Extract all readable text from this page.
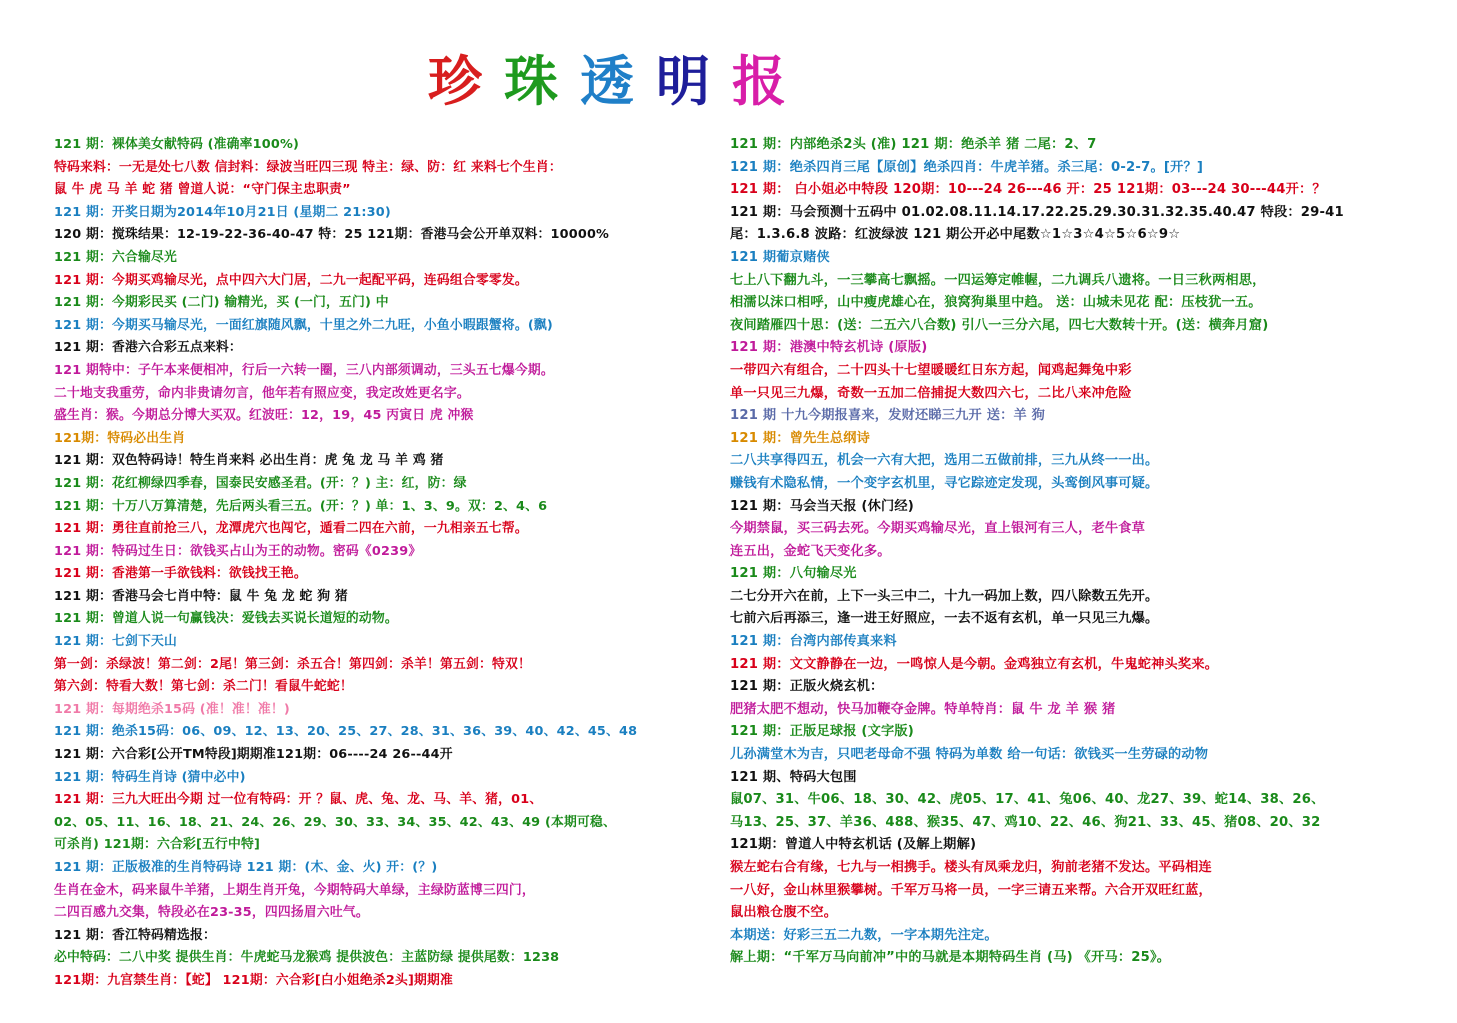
珍 珠 透 明 报
121 期：裸体美女献特码 (准确率100%)
特码来料：一无是处七八数 信封料：绿波当旺四三现 特主：绿、防：红 来料七个生肖：
鼠 牛 虎 马 羊 蛇 猪 曾道人说：“守门保主忠职责”
121 期：开奖日期为2014年10月21日 (星期二 21:30)
120 期：搅珠结果：12-19-22-36-40-47 特：25 121期：香港马会公开单双料：10000%
121 期：六合输尽光
121 期：今期买鸡输尽光，点中四六大门居，二九一起配平码，连码组合零零发。
121 期：今期彩民买 (二门) 输精光，买 (一门，五门) 中
121 期：今期买马输尽光，一面红旗随风飘，十里之外二九旺，小鱼小暇跟蟹将。(飘)
121 期：香港六合彩五点来料：
121 期特中：子午本来便相冲，行后一六转一圈，三八内部须调动，三头五七爆今期。
二十地支我重劳，命内非贵请勿言，他年若有照应变，我定改姓更名字。
盛生肖：猴。今期总分博大买双。红波旺：12，19，45 丙寅日 虎 冲猴
121期：特码必出生肖
121 期：双色特码诗！特生肖来料 必出生肖：虎 兔 龙 马 羊 鸡 猪
121 期：花红柳绿四季春，国泰民安感圣君。(开：？) 主：红，防：绿
121 期：十万八万算清楚，先后两头看三五。(开：？) 单：1、3、9。双：2、4、6
121 期：勇往直前抢三八，龙潭虎穴也闯它，遁看二四在六前，一九相亲五七帮。
121 期：特码过生日：欲钱买占山为王的动物。密码《0239》
121 期：香港第一手欲钱料：欲钱找王艳。
121 期：香港马会七肖中特：鼠 牛 兔 龙 蛇 狗 猪
121 期：曾道人说一句赢钱决：爱钱去买说长道短的动物。
121 期：七剑下天山
第一剑：杀绿波！第二剑：2尾！第三剑：杀五合！第四剑：杀羊！第五剑：特双！
第六剑：特看大数！第七剑：杀二门！看鼠牛蛇蛇！
121 期：每期绝杀15码 (准！准！准！)
121 期：绝杀15码：06、09、12、13、20、25、27、28、31、36、39、40、42、45、48
121 期：六合彩[公开TM特段]期期准121期：06----24 26--44开
121 期：特码生肖诗 (猜中必中)
121 期：三九大旺出今期 过一位有特码：开 ？鼠、虎、兔、龙、马、羊、猪，01、
02、05、11、16、18、21、24、26、29、30、33、34、35、42、43、49 (本期可稳、
可杀肖) 121期：六合彩[五行中特]
121 期：正版极准的生肖特码诗 121 期：(木、金、火) 开：(？)
生肖在金木，码来鼠牛羊猪，上期生肖开兔，今期特码大单绿，主绿防蓝博三四门，
二四百感九交集，特段必在23-35，四四扬眉六吐气。
121 期：香江特码精选报：
必中特码：二八中奖 提供生肖：牛虎蛇马龙猴鸡 提供波色：主蓝防绿 提供尾数：1238
121期：九宫禁生肖：【蛇】 121期：六合彩[白小姐绝杀2头]期期准
121 期：内部绝杀2头 (准) 121 期：绝杀羊 猪 二尾：2、7
121 期：绝杀四肖三尾【原创】绝杀四肖：牛虎羊猪。杀三尾：0-2-7。[开？]
121 期： 白小姐必中特段 120期：10---24 26---46 开：25 121期：03---24 30---44开：？
121 期：马会预测十五码中 01.02.08.11.14.17.22.25.29.30.31.32.35.40.47 特段：29-41
尾：1.3.6.8 波路：红波绿波 121 期公开必中尾数☆1☆3☆4☆5☆6☆9☆
121 期葡京赌侠
七上八下翻九斗，一三攀高七飘摇。一四运筹定帷幄，二九调兵八遗将。一日三秋两相思，
相濡以沫口相呼，山中瘦虎雄心在，狼窝狗巢里中趋。 送：山城未见花 配：压枝犹一五。
夜间踏雁四十思：(送：二五六八合数) 引八一三分六尾，四七大数转十开。(送：横奔月窟)
121 期：港澳中特玄机诗 (原版)
一带四六有组合，二十四头十七望暖暖红日东方起，闻鸡起舞兔中彩
单一只见三九爆，奇数一五加二倍捕捉大数四六七，二比八来冲危险
121 期 十九今期报喜来，发财还睇三九开 送：羊 狗
121 期：曾先生总纲诗
二八共享得四五，机会一六有大把，选用二五做前排，三九从终一一出。
赚钱有术隐私情，一个变字玄机里，寻它踪迹定发现，头鸾倒风事可疑。
121 期：马会当天报 (休门经)
今期禁鼠，买三码去死。今期买鸡输尽光，直上银河有三人，老牛食草
连五出，金蛇飞天变化多。
121 期：八句输尽光
二七分开六在前，上下一头三中二，十九一码加上数，四八除数五先开。
七前六后再添三，逢一进王好照应，一去不返有玄机，单一只见三九爆。
121 期：台湾内部传真来料
121 期：文文静静在一边，一鸣惊人是今朝。金鸡独立有玄机，牛鬼蛇神头奖来。
121 期：正版火烧玄机：
肥猪太肥不想动，快马加鞭夺金牌。特单特肖：鼠 牛 龙 羊 猴 猪
121 期：正版足球报 (文字版)
儿孙满堂木为吉，只吧老母命不强 特码为单数 给一句话：欲钱买一生劳碌的动物
121 期、特码大包围
鼠07、31、牛06、18、30、42、虎05、17、41、兔06、40、龙27、39、蛇14、38、26、
马13、25、37、羊36、488、猴35、47、鸡10、22、46、狗21、33、45、猪08、20、32
121期：曾道人中特玄机话 (及解上期解)
猴左蛇右合有缘，七九与一相携手。楼头有凤乘龙归，狗前老猪不发达。平码相连
一八好，金山林里猴攀树。千军万马将一员，一字三请五来帮。六合开双旺红蓝，
鼠出粮仓腹不空。
本期送：好彩三五二九数，一字本期先注定。
解上期：“千军万马向前冲”中的马就是本期特码生肖 (马) 《开马：25》。
